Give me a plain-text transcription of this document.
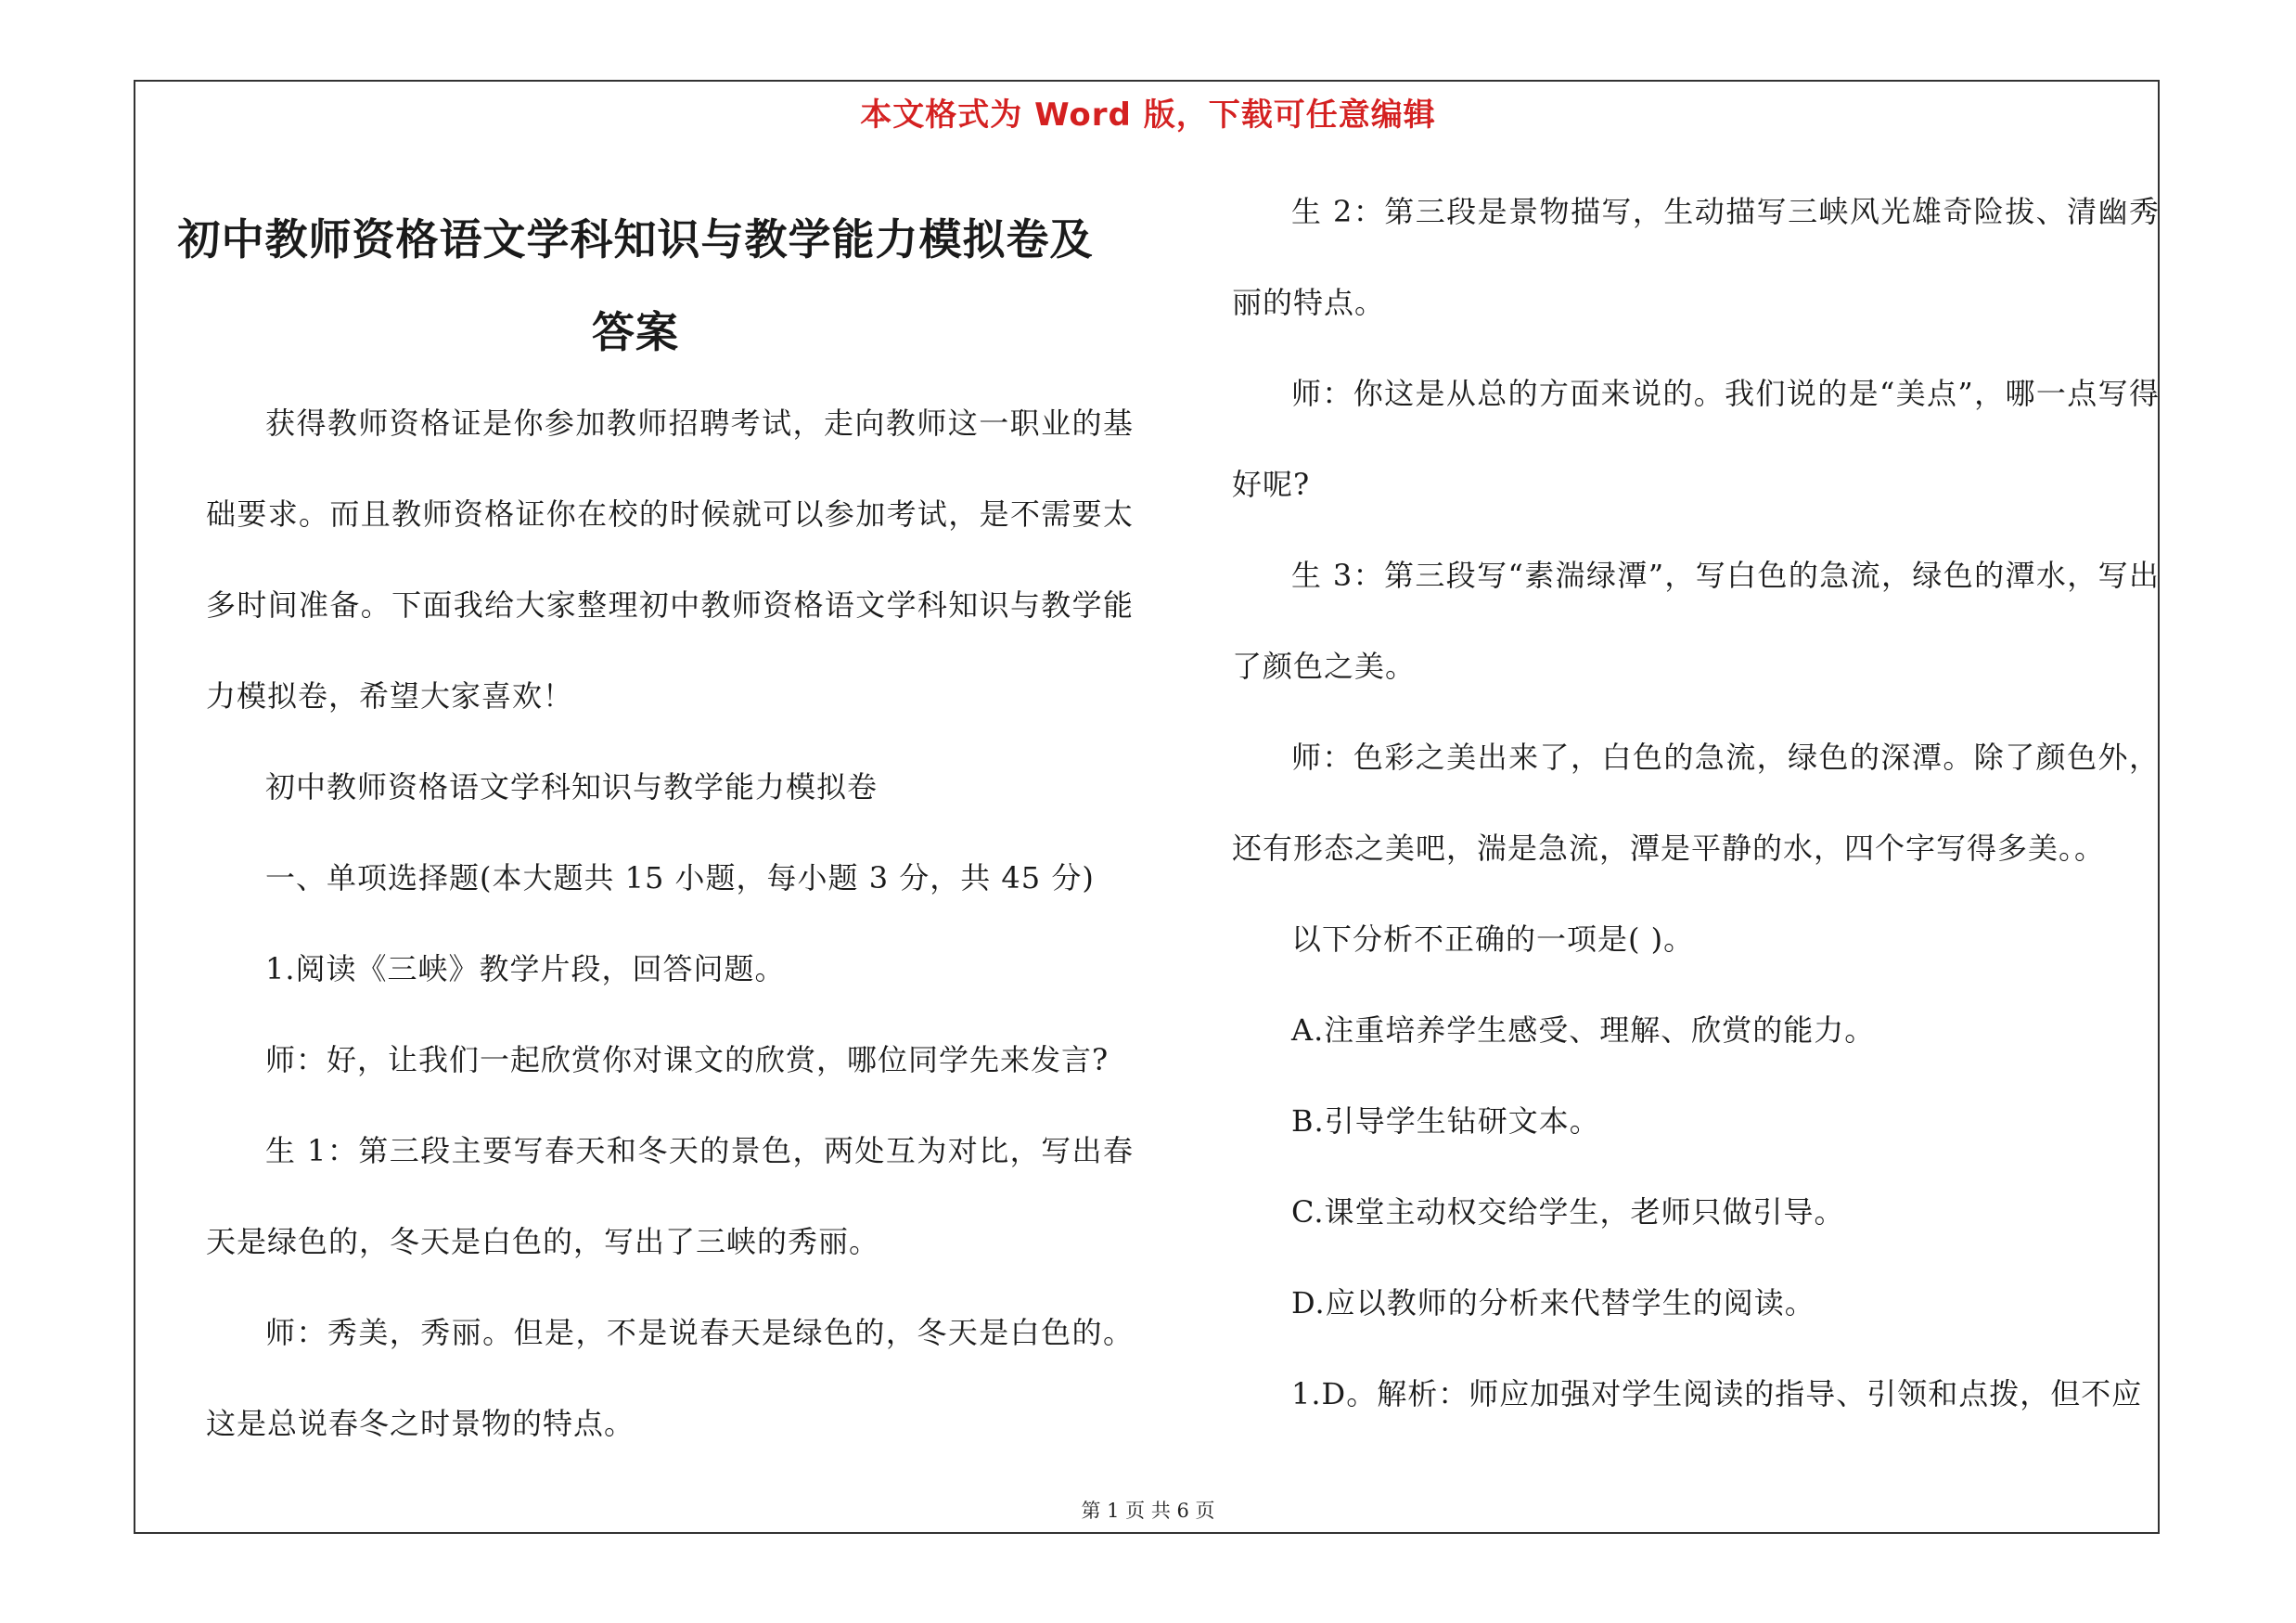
本文格式为 Word 版，下载可任意编辑
初中教师资格语文学科知识与教学能力模拟卷及答案

获得教师资格证是你参加教师招聘考试，走向教师这一职业的基础要求。而且教师资格证你在校的时候就可以参加考试，是不需要太多时间准备。下面我给大家整理初中教师资格语文学科知识与教学能力模拟卷，希望大家喜欢！

初中教师资格语文学科知识与教学能力模拟卷

一、单项选择题(本大题共 15 小题，每小题 3 分，共 45 分)

1.阅读《三峡》教学片段，回答问题。

师：好，让我们一起欣赏你对课文的欣赏，哪位同学先来发言?

生 1：第三段主要写春天和冬天的景色，两处互为对比，写出春天是绿色的，冬天是白色的，写出了三峡的秀丽。

师：秀美，秀丽。但是，不是说春天是绿色的，冬天是白色的。这是总说春冬之时景物的特点。

生 2：第三段是景物描写，生动描写三峡风光雄奇险拔、清幽秀丽的特点。

师：你这是从总的方面来说的。我们说的是“美点”，哪一点写得好呢?

生 3：第三段写“素湍绿潭”，写白色的急流，绿色的潭水，写出了颜色之美。

师：色彩之美出来了，白色的急流，绿色的深潭。除了颜色外，还有形态之美吧，湍是急流，潭是平静的水，四个字写得多美。。

以下分析不正确的一项是( )。

A.注重培养学生感受、理解、欣赏的能力。

B.引导学生钻研文本。

C.课堂主动权交给学生，老师只做引导。

D.应以教师的分析来代替学生的阅读。

1.D。解析：师应加强对学生阅读的指导、引领和点拨，但不应

第 1 页 共 6 页
